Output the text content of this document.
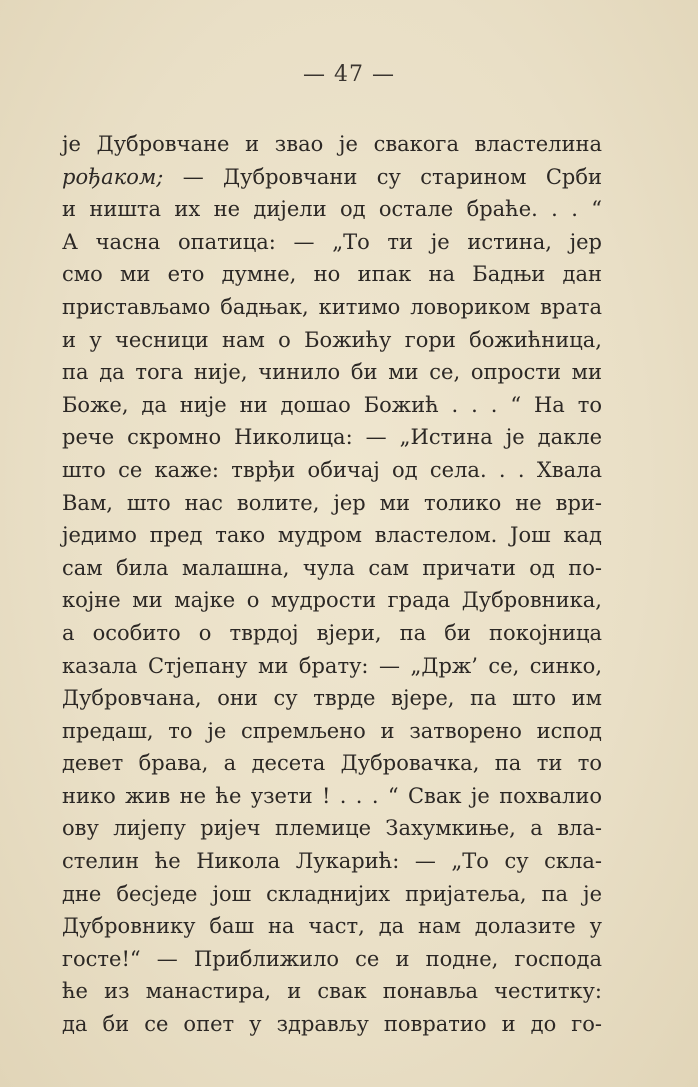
— 47 —
је Дубровчане и звао је свакога властелина
рођаком; — Дубровчани су старином Срби
и ништа их не дијели од остале браће. . . “
А часна опатица: — „То ти је истина, јер
смо ми ето думне, но ипак на Бадњи дан
пристављамо бадњак, китимо ловориком врата
и у чесници нам о Божићу гори божићница,
па да тога није, чинило би ми се, опрости ми
Боже, да није ни дошао Божић . . . “ На то
рече скромно Николица: — „Истина је дакле
што се каже: тврђи обичај од села. . . Хвала
Вам, што нас волите, јер ми толико не ври-
једимо пред тако мудром властелом. Још кад
сам била малашна, чула сам причати од по-
којне ми мајке о мудрости града Дубровника,
а особито о тврдој вјери, па би покојница
казала Стјепану ми брату: — „Држ’ се, синко,
Дубровчана, они су тврде вјере, па што им
предаш, то је спремљено и затворено испод
девет брава, а десета Дубровачка, па ти то
нико жив не ће узети ! . . . “ Свак је похвалио
ову лијепу ријеч племице Захумкиње, а вла-
стелин ће Никола Лукарић: — „То су скла-
дне бесједе још складнијих пријатеља, па је
Дубровнику баш на част, да нам долазите у
госте!“ — Приближило се и подне, господа
ће из манастира, и свак понавља честитку:
да би се опет у здрављу повратио и до го-
